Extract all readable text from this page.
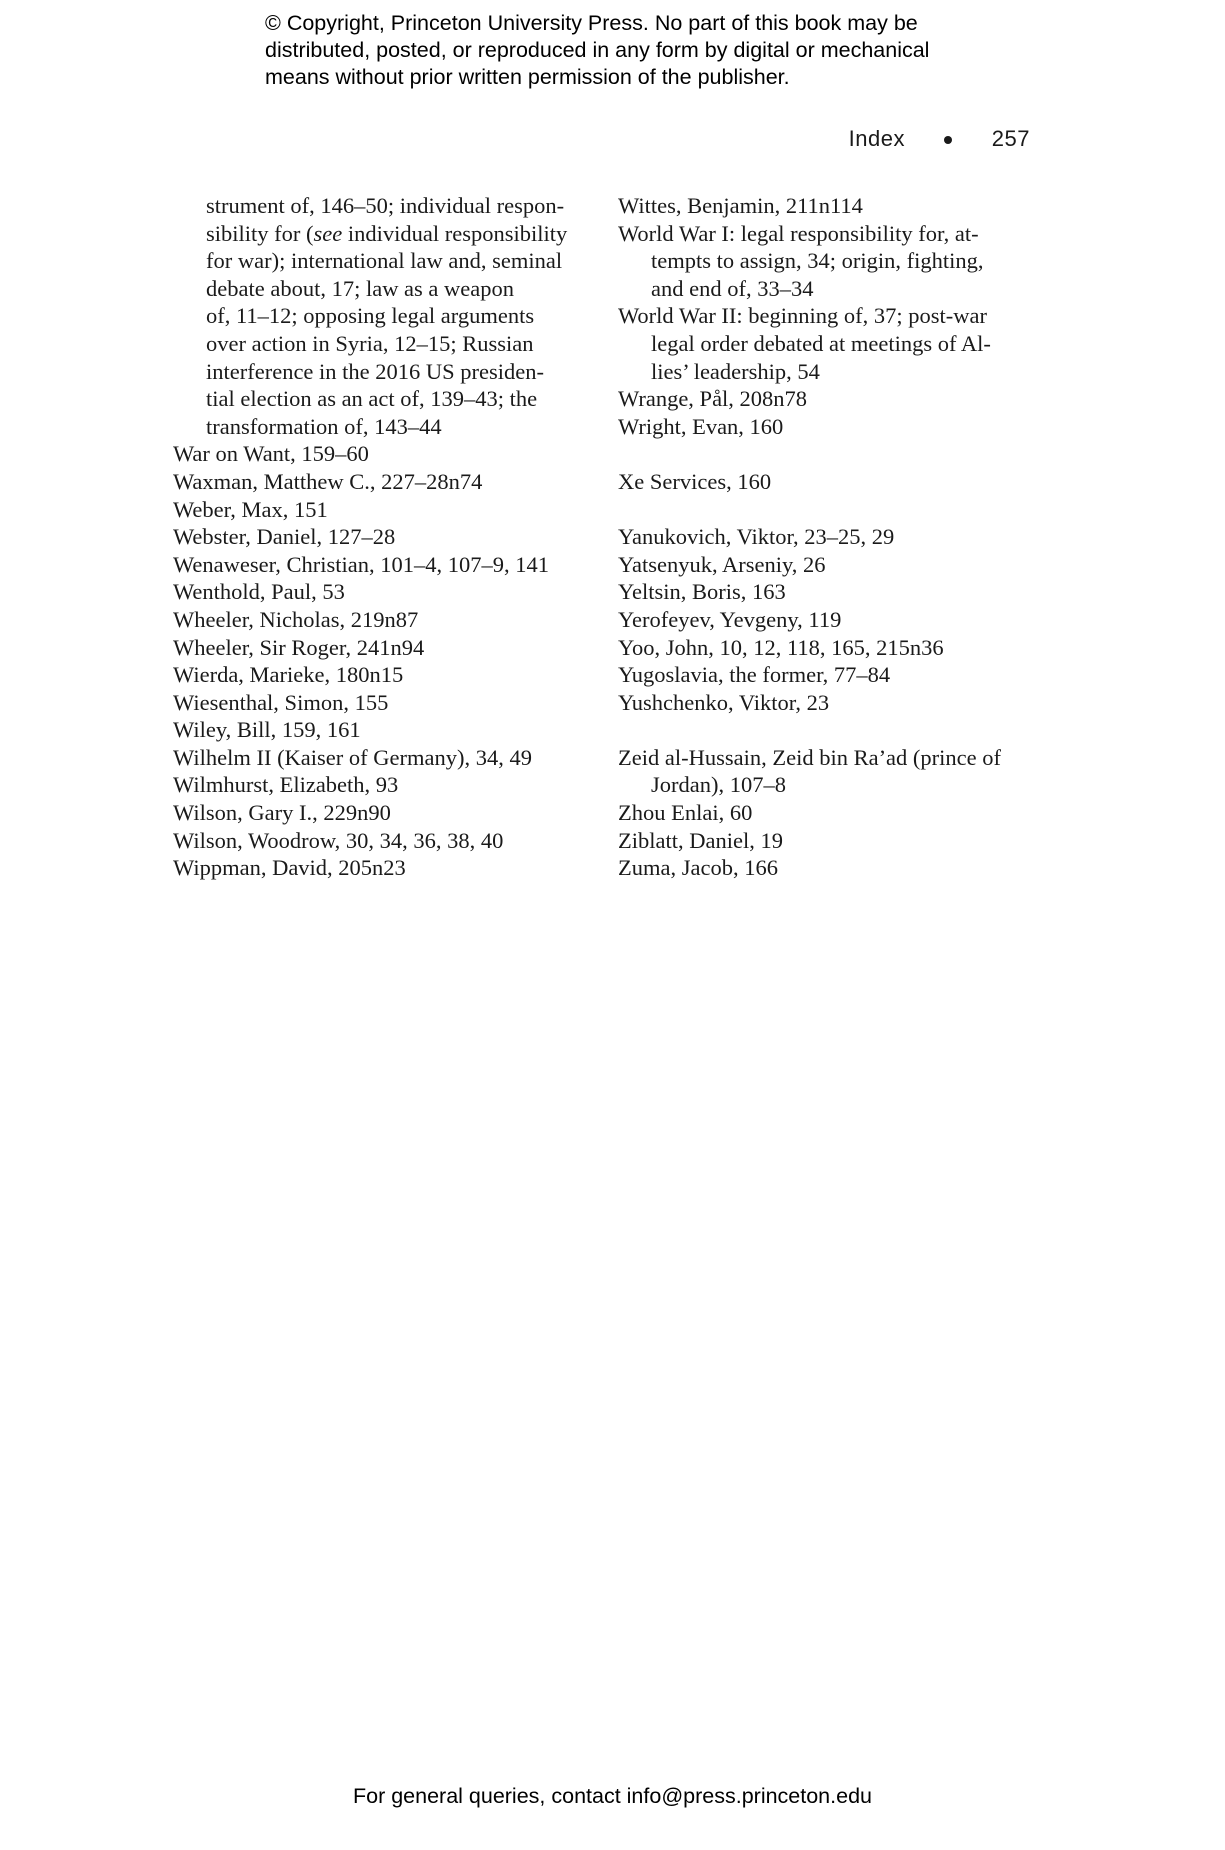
© Copyright, Princeton University Press. No part of this book may be
distributed, posted, or reproduced in any form by digital or mechanical
means without prior written permission of the publisher.
Index	257
strument of, 146–50; individual respon-
sibility for (see individual responsibility
for war); international law and, seminal
debate about, 17; law as a weapon
of, 11–12; opposing legal arguments
over action in Syria, 12–15; Russian
interference in the 2016 US presiden-
tial election as an act of, 139–43; the
transformation of, 143–44
War on Want, 159–60
Waxman, Matthew C., 227–28n74
Weber, Max, 151
Webster, Daniel, 127–28
Wenaweser, Christian, 101–4, 107–9, 141
Wenthold, Paul, 53
Wheeler, Nicholas, 219n87
Wheeler, Sir Roger, 241n94
Wierda, Marieke, 180n15
Wiesenthal, Simon, 155
Wiley, Bill, 159, 161
Wilhelm II (Kaiser of Germany), 34, 49
Wilmhurst, Elizabeth, 93
Wilson, Gary I., 229n90
Wilson, Woodrow, 30, 34, 36, 38, 40
Wippman, David, 205n23
Wittes, Benjamin, 211n114
World War I: legal responsibility for, at-
tempts to assign, 34; origin, fighting,
and end of, 33–34
World War II: beginning of, 37; post-war
legal order debated at meetings of Al-
lies’ leadership, 54
Wrange, Pål, 208n78
Wright, Evan, 160
Xe Services, 160
Yanukovich, Viktor, 23–25, 29
Yatsenyuk, Arseniy, 26
Yeltsin, Boris, 163
Yerofeyev, Yevgeny, 119
Yoo, John, 10, 12, 118, 165, 215n36
Yugoslavia, the former, 77–84
Yushchenko, Viktor, 23
Zeid al-Hussain, Zeid bin Ra’ad (prince of
Jordan), 107–8
Zhou Enlai, 60
Ziblatt, Daniel, 19
Zuma, Jacob, 166
For general queries, contact info@press.princeton.edu
